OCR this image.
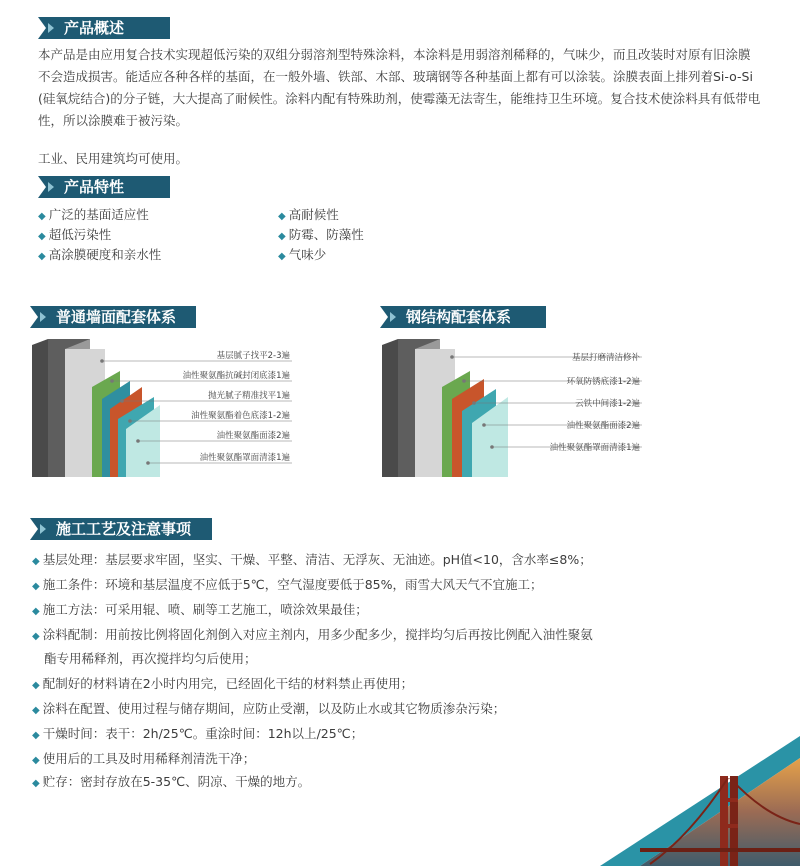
产品概述
本产品是由应用复合技术实现超低污染的双组分弱溶剂型特殊涂料，本涂料是用弱溶剂稀释的，气味少，而且改装时对原有旧涂膜
不会造成损害。能适应各种各样的基面，在一般外墙、铁部、木部、玻璃钢等各种基面上都有可以涂装。涂膜表面上排列着Si-o-Si
(硅氧烷结合)的分子链，大大提高了耐候性。涂料内配有特殊助剂，使霉藻无法寄生，能维持卫生环境。复合技术使涂料具有低带电
性，所以涂膜难于被污染。
工业、民用建筑均可使用。
产品特性
◆ 广泛的基面适应性
◆ 超低污染性
◆ 高涂膜硬度和亲水性
◆ 高耐候性
◆ 防霉、防藻性
◆ 气味少
普通墙面配套体系
基层腻子找平2-3遍
油性聚氨酯抗碱封闭底漆1遍
抛光腻子精准找平1遍
油性聚氨酯着色底漆1-2遍
油性聚氨酯面漆2遍
油性聚氨酯罩面清漆1遍
钢结构配套体系
基层打磨清洁修补
环氧防锈底漆1-2遍
云铁中间漆1-2遍
油性聚氨酯面漆2遍
油性聚氨酯罩面清漆1遍
施工工艺及注意事项
◆ 基层处理：基层要求牢固，坚实、干燥、平整、清洁、无浮灰、无油迹。pH值<10，含水率≤8%；
◆ 施工条件：环境和基层温度不应低于5℃，空气湿度要低于85%，雨雪大风天气不宜施工；
◆ 施工方法：可采用辊、喷、刷等工艺施工，喷涂效果最佳；
◆ 涂料配制：用前按比例将固化剂倒入对应主剂内，用多少配多少，搅拌均匀后再按比例配入油性聚氨
酯专用稀释剂，再次搅拌均匀后使用；
◆ 配制好的材料请在2小时内用完，已经固化干结的材料禁止再使用；
◆ 涂料在配置、使用过程与储存期间，应防止受潮，以及防止水或其它物质渗杂污染；
◆ 干燥时间：表干：2h/25℃。重涂时间：12h以上/25℃；
◆ 使用后的工具及时用稀释剂清洗干净；
◆ 贮存：密封存放在5-35℃、阴凉、干燥的地方。
